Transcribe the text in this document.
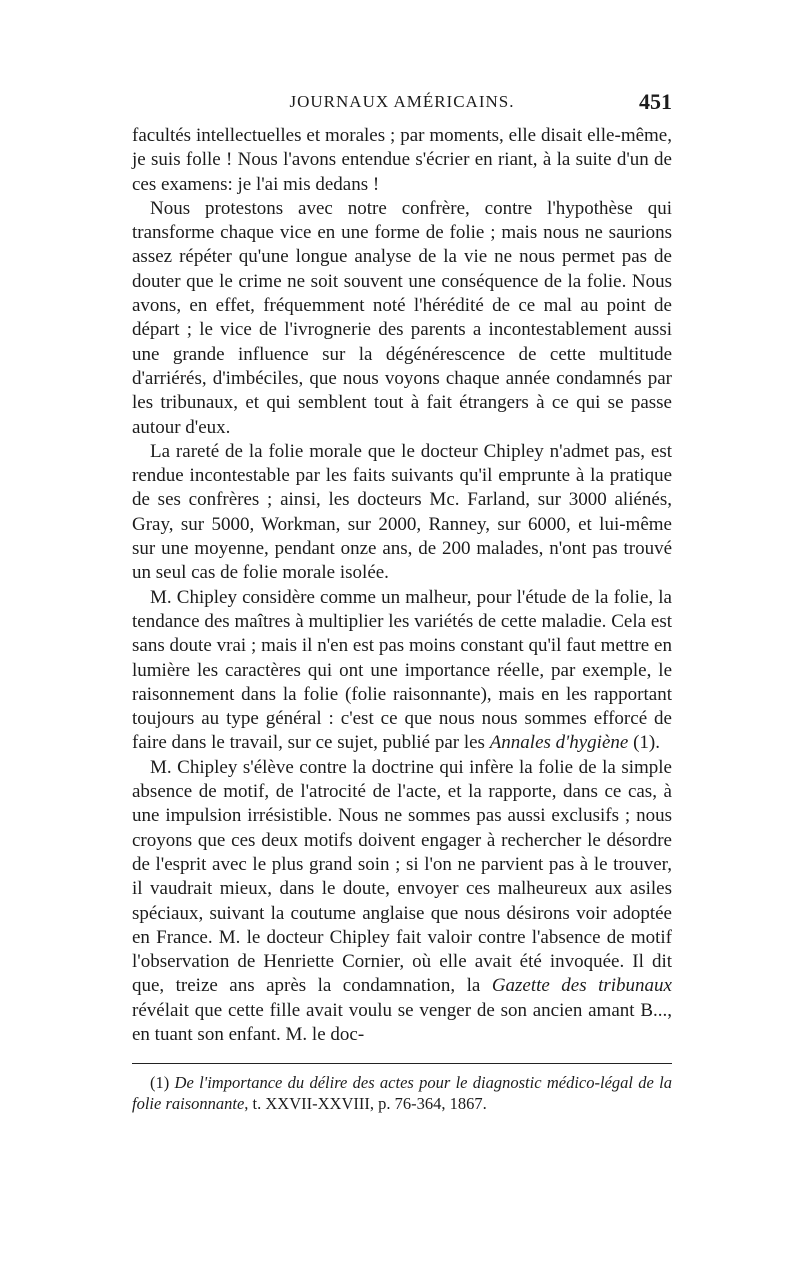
JOURNAUX AMÉRICAINS.	451

facultés intellectuelles et morales ; par moments, elle disait elle-même, je suis folle ! Nous l'avons entendue s'écrier en riant, à la suite d'un de ces examens: je l'ai mis dedans !

Nous protestons avec notre confrère, contre l'hypothèse qui transforme chaque vice en une forme de folie ; mais nous ne saurions assez répéter qu'une longue analyse de la vie ne nous permet pas de douter que le crime ne soit souvent une conséquence de la folie. Nous avons, en effet, fréquemment noté l'hérédité de ce mal au point de départ ; le vice de l'ivrognerie des parents a incontestablement aussi une grande influence sur la dégénérescence de cette multitude d'arriérés, d'imbéciles, que nous voyons chaque année condamnés par les tribunaux, et qui semblent tout à fait étrangers à ce qui se passe autour d'eux.

La rareté de la folie morale que le docteur Chipley n'admet pas, est rendue incontestable par les faits suivants qu'il emprunte à la pratique de ses confrères ; ainsi, les docteurs Mc. Farland, sur 3000 aliénés, Gray, sur 5000, Workman, sur 2000, Ranney, sur 6000, et lui-même sur une moyenne, pendant onze ans, de 200 malades, n'ont pas trouvé un seul cas de folie morale isolée.

M. Chipley considère comme un malheur, pour l'étude de la folie, la tendance des maîtres à multiplier les variétés de cette maladie. Cela est sans doute vrai ; mais il n'en est pas moins constant qu'il faut mettre en lumière les caractères qui ont une importance réelle, par exemple, le raisonnement dans la folie (folie raisonnante), mais en les rapportant toujours au type général : c'est ce que nous nous sommes efforcé de faire dans le travail, sur ce sujet, publié par les Annales d'hygiène (1).

M. Chipley s'élève contre la doctrine qui infère la folie de la simple absence de motif, de l'atrocité de l'acte, et la rapporte, dans ce cas, à une impulsion irrésistible. Nous ne sommes pas aussi exclusifs ; nous croyons que ces deux motifs doivent engager à rechercher le désordre de l'esprit avec le plus grand soin ; si l'on ne parvient pas à le trouver, il vaudrait mieux, dans le doute, envoyer ces malheureux aux asiles spéciaux, suivant la coutume anglaise que nous désirons voir adoptée en France. M. le docteur Chipley fait valoir contre l'absence de motif l'observation de Henriette Cornier, où elle avait été invoquée. Il dit que, treize ans après la condamnation, la Gazette des tribunaux révélait que cette fille avait voulu se venger de son ancien amant B..., en tuant son enfant. M. le doc-

(1) De l'importance du délire des actes pour le diagnostic médico-légal de la folie raisonnante, t. XXVII-XXVIII, p. 76-364, 1867.
